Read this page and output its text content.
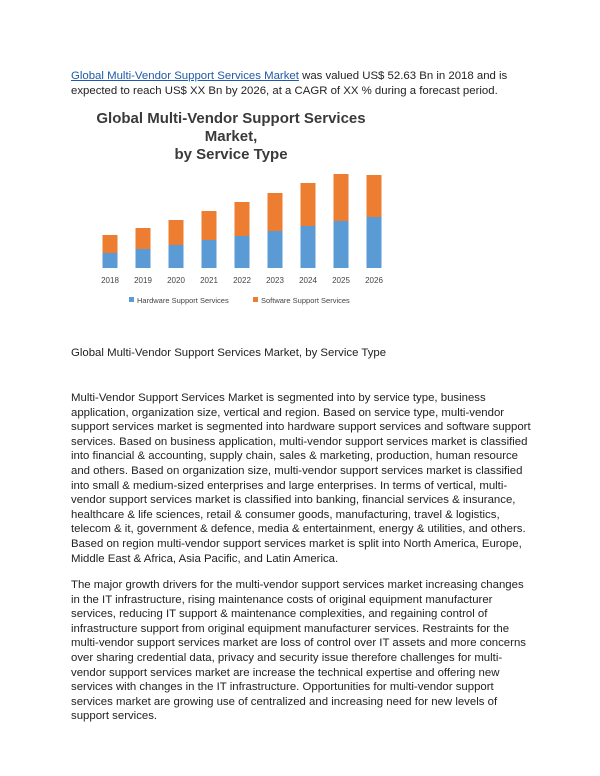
Global Multi-Vendor Support Services Market was valued US$ 52.63 Bn in 2018 and is expected to reach US$ XX Bn by 2026, at a CAGR of XX % during a forecast period.
Global Multi-Vendor Support Services Market,
by Service Type
2018 2019 2020 2021 2022 2023 2024 2025 2026
Hardware Support Services	Software Support Services
Global Multi-Vendor Support Services Market, by Service Type
Multi-Vendor Support Services Market is segmented into by service type, business application, organization size, vertical and region. Based on service type, multi-vendor support services market is segmented into hardware support services and software support services. Based on business application, multi-vendor support services market is classified into financial & accounting, supply chain, sales & marketing, production, human resource and others. Based on organization size, multi-vendor support services market is classified into small & medium-sized enterprises and large enterprises. In terms of vertical, multi-vendor support services market is classified into banking, financial services & insurance, healthcare & life sciences, retail & consumer goods, manufacturing, travel & logistics, telecom & it, government & defence, media & entertainment, energy & utilities, and others. Based on region multi-vendor support services market is split into North America, Europe, Middle East & Africa, Asia Pacific, and Latin America.
The major growth drivers for the multi-vendor support services market increasing changes in the IT infrastructure, rising maintenance costs of original equipment manufacturer services, reducing IT support & maintenance complexities, and regaining control of infrastructure support from original equipment manufacturer services. Restraints for the multi-vendor support services market are loss of control over IT assets and more concerns over sharing credential data, privacy and security issue therefore challenges for multi-vendor support services market are increase the technical expertise and offering new services with changes in the IT infrastructure. Opportunities for multi-vendor support services market are growing use of centralized and increasing need for new levels of support services.
